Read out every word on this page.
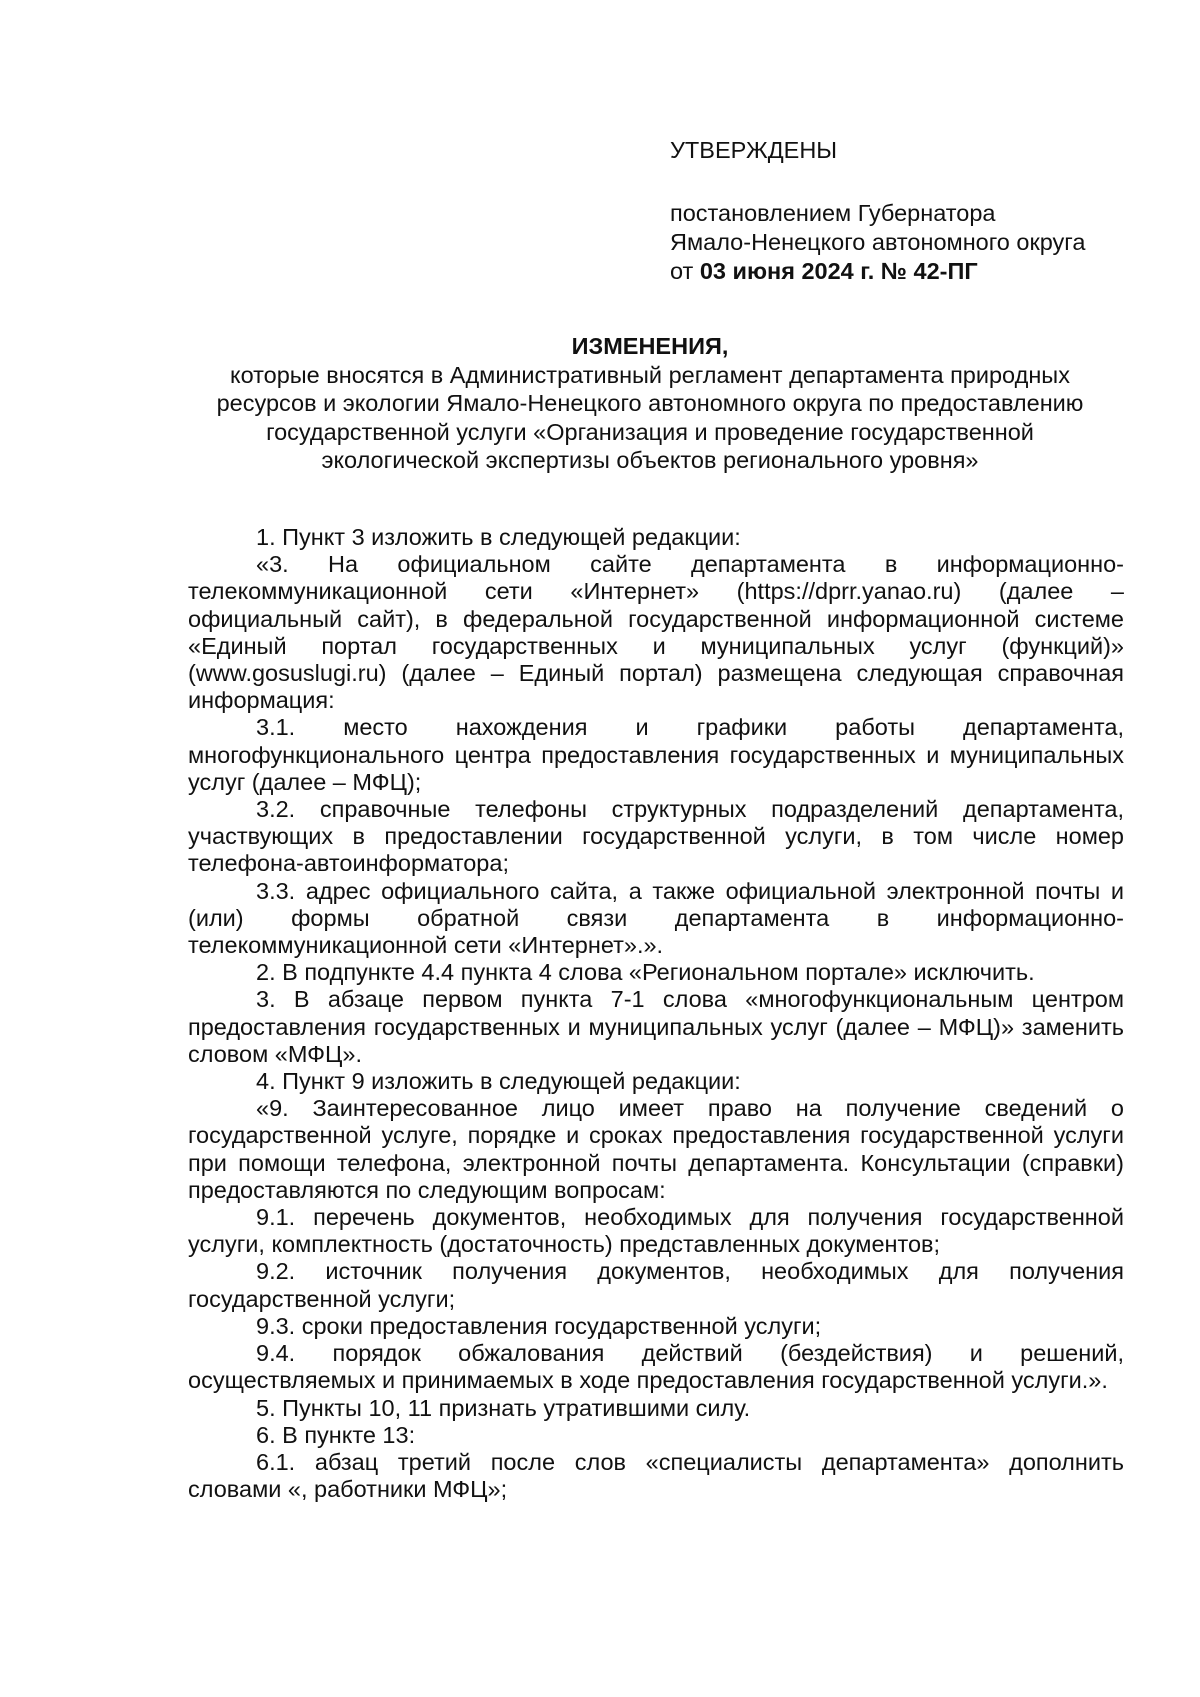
УТВЕРЖДЕНЫ

постановлением Губернатора

Ямало-Ненецкого автономного округа

от 03 июня 2024 г. № 42-ПГ

ИЗМЕНЕНИЯ,

которые вносятся в Административный регламент департамента природных

ресурсов и экологии Ямало-Ненецкого автономного округа по предоставлению

государственной услуги «Организация и проведение государственной

экологической экспертизы объектов регионального уровня»

1. Пункт 3 изложить в следующей редакции:

«3. На официальном сайте департамента в информационно-телекоммуникационной сети «Интернет» (https://dprr.yanao.ru) (далее – официальный сайт), в федеральной государственной информационной системе «Единый портал государственных и муниципальных услуг (функций)» (www.gosuslugi.ru) (далее – Единый портал) размещена следующая справочная информация:

3.1. место нахождения и графики работы департамента, многофункционального центра предоставления государственных и муниципальных услуг (далее – МФЦ);

3.2. справочные телефоны структурных подразделений департамента, участвующих в предоставлении государственной услуги, в том числе номер телефона-автоинформатора;

3.3. адрес официального сайта, а также официальной электронной почты и (или) формы обратной связи департамента в информационно-телекоммуникационной сети «Интернет».».

2. В подпункте 4.4 пункта 4 слова «Региональном портале» исключить.

3. В абзаце первом пункта 7-1 слова «многофункциональным центром предоставления государственных и муниципальных услуг (далее – МФЦ)» заменить словом «МФЦ».

4. Пункт 9 изложить в следующей редакции:

«9. Заинтересованное лицо имеет право на получение сведений о государственной услуге, порядке и сроках предоставления государственной услуги при помощи телефона, электронной почты департамента. Консультации (справки) предоставляются по следующим вопросам:

9.1. перечень документов, необходимых для получения государственной услуги, комплектность (достаточность) представленных документов;

9.2. источник получения документов, необходимых для получения государственной услуги;

9.3. сроки предоставления государственной услуги;

9.4. порядок обжалования действий (бездействия) и решений, осуществляемых и принимаемых в ходе предоставления государственной услуги.».

5. Пункты 10, 11 признать утратившими силу.

6. В пункте 13:

6.1. абзац третий после слов «специалисты департамента» дополнить словами «, работники МФЦ»;
